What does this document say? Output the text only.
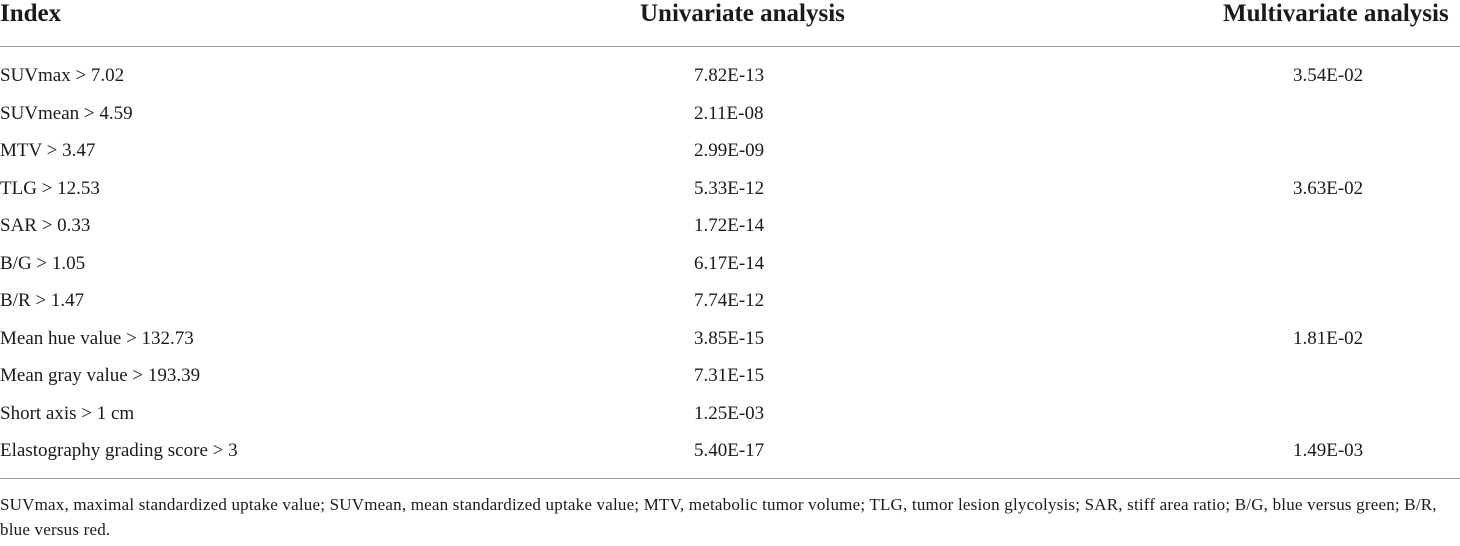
Index	Univariate analysis	Multivariate analysis
SUVmax > 7.02	7.82E-13	3.54E-02
SUVmean > 4.59	2.11E-08
MTV > 3.47	2.99E-09
TLG > 12.53	5.33E-12	3.63E-02
SAR > 0.33	1.72E-14
B/G > 1.05	6.17E-14
B/R > 1.47	7.74E-12
Mean hue value > 132.73	3.85E-15	1.81E-02
Mean gray value > 193.39	7.31E-15
Short axis > 1 cm	1.25E-03
Elastography grading score > 3	5.40E-17	1.49E-03
SUVmax, maximal standardized uptake value; SUVmean, mean standardized uptake value; MTV, metabolic tumor volume; TLG, tumor lesion glycolysis; SAR, stiff area ratio; B/G, blue versus green; B/R, blue versus red.
